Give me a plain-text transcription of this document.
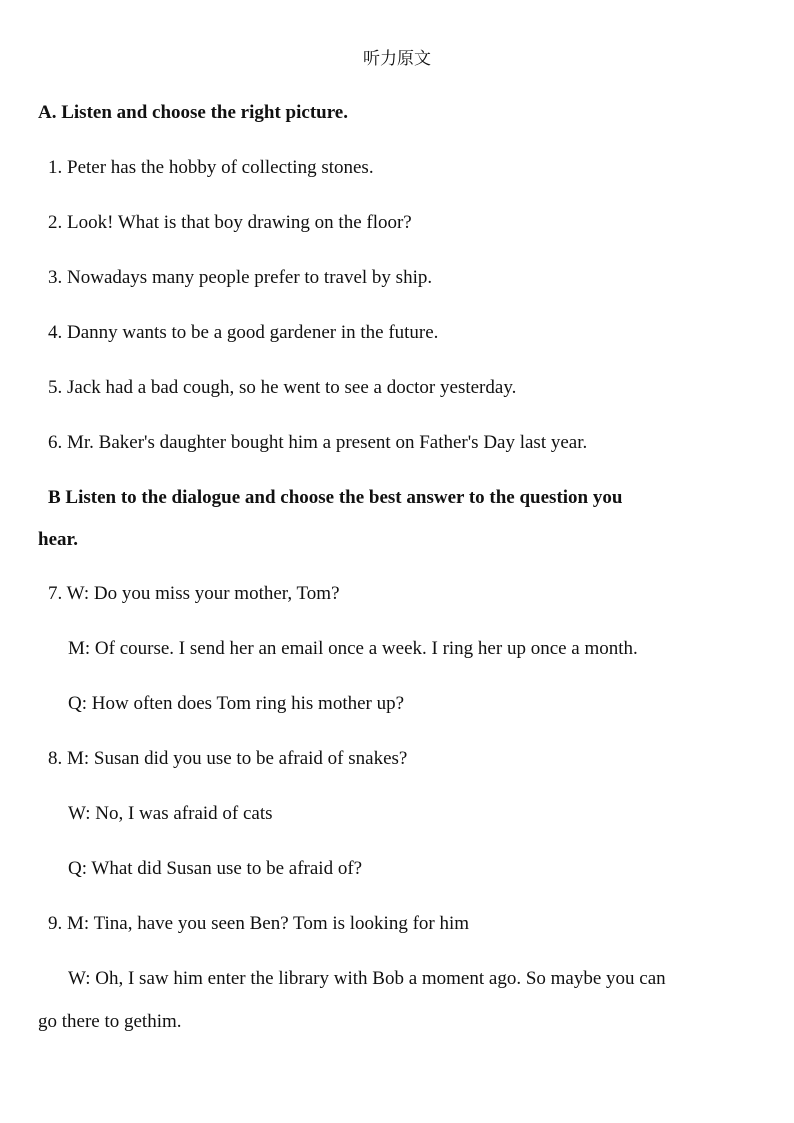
听力原文
A. Listen and choose the right picture.
1. Peter has the hobby of collecting stones.
2. Look! What is that boy drawing on the floor?
3. Nowadays many people prefer to travel by ship.
4. Danny wants to be a good gardener in the future.
5. Jack had a bad cough, so he went to see a doctor yesterday.
6. Mr. Baker's daughter bought him a present on Father's Day last year.
B Listen to the dialogue and choose the best answer to the question you
hear.
7. W: Do you miss your mother, Tom?
M: Of course. I send her an email once a week. I ring her up once a month.
Q: How often does Tom ring his mother up?
8. M: Susan did you use to be afraid of snakes?
W: No, I was afraid of cats
Q: What did Susan use to be afraid of?
9. M: Tina, have you seen Ben? Tom is looking for him
W: Oh, I saw him enter the library with Bob a moment ago. So maybe you can
go there to gethim.
